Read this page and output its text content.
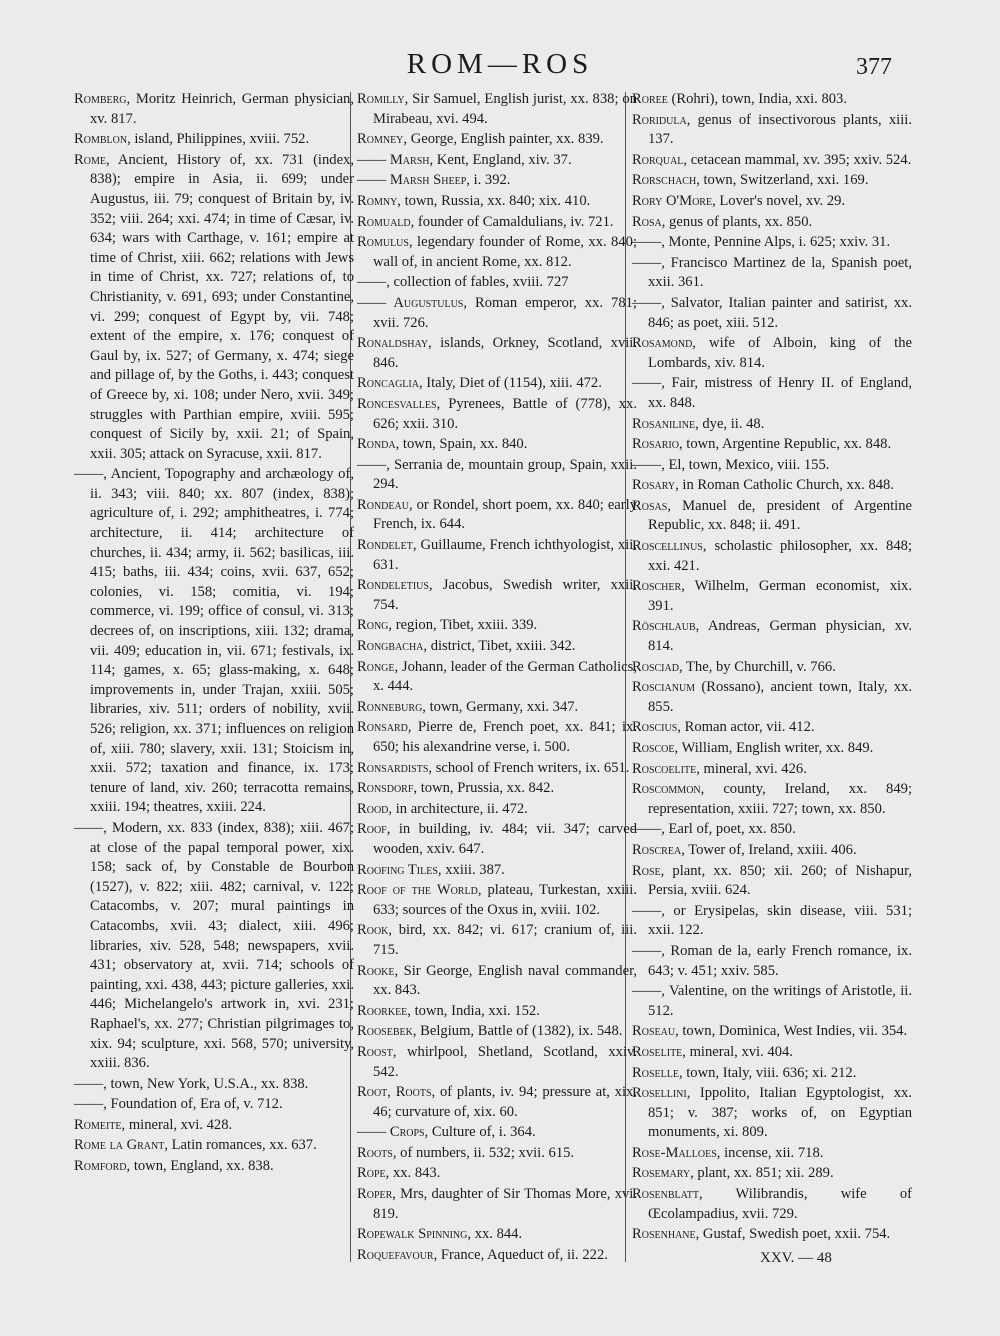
ROM—ROS	377

Romberg, Moritz Heinrich, German physician, xv. 817.

Romblon, island, Philippines, xviii. 752.

Rome, Ancient, History of, xx. 731 (index, 838); empire in Asia, ii. 699; under Augustus, iii. 79; conquest of Britain by, iv. 352; viii. 264; xxi. 474; in time of Cæsar, iv. 634; wars with Carthage, v. 161; empire at time of Christ, xiii. 662; relations with Jews in time of Christ, xx. 727; relations of, to Christianity, v. 691, 693; under Constantine, vi. 299; conquest of Egypt by, vii. 748; extent of the empire, x. 176; conquest of Gaul by, ix. 527; of Germany, x. 474; siege and pillage of, by the Goths, i. 443; conquest of Greece by, xi. 108; under Nero, xvii. 349; struggles with Parthian empire, xviii. 595; conquest of Sicily by, xxii. 21; of Spain, xxii. 305; attack on Syracuse, xxii. 817.

——, Ancient, Topography and archæology of, ii. 343; viii. 840; xx. 807 (index, 838); agriculture of, i. 292; amphitheatres, i. 774; architecture, ii. 414; architecture of churches, ii. 434; army, ii. 562; basilicas, iii. 415; baths, iii. 434; coins, xvii. 637, 652; colonies, vi. 158; comitia, vi. 194; commerce, vi. 199; office of consul, vi. 313; decrees of, on inscriptions, xiii. 132; drama, vii. 409; education in, vii. 671; festivals, ix. 114; games, x. 65; glass-making, x. 648; improvements in, under Trajan, xxiii. 505; libraries, xiv. 511; orders of nobility, xvii. 526; religion, xx. 371; influences on religion of, xiii. 780; slavery, xxii. 131; Stoicism in, xxii. 572; taxation and finance, ix. 173; tenure of land, xiv. 260; terracotta remains, xxiii. 194; theatres, xxiii. 224.

——, Modern, xx. 833 (index, 838); xiii. 467; at close of the papal temporal power, xix. 158; sack of, by Constable de Bourbon (1527), v. 822; xiii. 482; carnival, v. 122; Catacombs, v. 207; mural paintings in Catacombs, xvii. 43; dialect, xiii. 496; libraries, xiv. 528, 548; newspapers, xvii. 431; observatory at, xvii. 714; schools of painting, xxi. 438, 443; picture galleries, xxi. 446; Michelangelo's artwork in, xvi. 231; Raphael's, xx. 277; Christian pilgrimages to, xix. 94; sculpture, xxi. 568, 570; university, xxiii. 836.

——, town, New York, U.S.A., xx. 838.

——, Foundation of, Era of, v. 712.

Romeite, mineral, xvi. 428.

Rome la Grant, Latin romances, xx. 637.

Romford, town, England, xx. 838.

Romilly, Sir Samuel, English jurist, xx. 838; on Mirabeau, xvi. 494.

Romney, George, English painter, xx. 839.

—— Marsh, Kent, England, xiv. 37.

—— Marsh Sheep, i. 392.

Romny, town, Russia, xx. 840; xix. 410.

Romuald, founder of Camaldulians, iv. 721.

Romulus, legendary founder of Rome, xx. 840; wall of, in ancient Rome, xx. 812.

——, collection of fables, xviii. 727

—— Augustulus, Roman emperor, xx. 781; xvii. 726.

Ronaldshay, islands, Orkney, Scotland, xvii. 846.

Roncaglia, Italy, Diet of (1154), xiii. 472.

Roncesvalles, Pyrenees, Battle of (778), xx. 626; xxii. 310.

Ronda, town, Spain, xx. 840.

——, Serrania de, mountain group, Spain, xxii. 294.

Rondeau, or Rondel, short poem, xx. 840; early French, ix. 644.

Rondelet, Guillaume, French ichthyologist, xii. 631.

Rondeletius, Jacobus, Swedish writer, xxii. 754.

Rong, region, Tibet, xxiii. 339.

Rongbacha, district, Tibet, xxiii. 342.

Ronge, Johann, leader of the German Catholics, x. 444.

Ronneburg, town, Germany, xxi. 347.

Ronsard, Pierre de, French poet, xx. 841; ix. 650; his alexandrine verse, i. 500.

Ronsardists, school of French writers, ix. 651.

Ronsdorf, town, Prussia, xx. 842.

Rood, in architecture, ii. 472.

Roof, in building, iv. 484; vii. 347; carved wooden, xxiv. 647.

Roofing Tiles, xxiii. 387.

Roof of the World, plateau, Turkestan, xxiii. 633; sources of the Oxus in, xviii. 102.

Rook, bird, xx. 842; vi. 617; cranium of, iii. 715.

Rooke, Sir George, English naval commander, xx. 843.

Roorkee, town, India, xxi. 152.

Roosebek, Belgium, Battle of (1382), ix. 548.

Roost, whirlpool, Shetland, Scotland, xxiv. 542.

Root, Roots, of plants, iv. 94; pressure at, xix. 46; curvature of, xix. 60.

—— Crops, Culture of, i. 364.

Roots, of numbers, ii. 532; xvii. 615.

Rope, xx. 843.

Roper, Mrs, daughter of Sir Thomas More, xvi. 819.

Ropewalk Spinning, xx. 844.

Roquefavour, France, Aqueduct of, ii. 222.

Roree (Rohri), town, India, xxi. 803.

Roridula, genus of insectivorous plants, xiii. 137.

Rorqual, cetacean mammal, xv. 395; xxiv. 524.

Rorschach, town, Switzerland, xxi. 169.

Rory O'More, Lover's novel, xv. 29.

Rosa, genus of plants, xx. 850.

——, Monte, Pennine Alps, i. 625; xxiv. 31.

——, Francisco Martinez de la, Spanish poet, xxii. 361.

——, Salvator, Italian painter and satirist, xx. 846; as poet, xiii. 512.

Rosamond, wife of Alboin, king of the Lombards, xiv. 814.

——, Fair, mistress of Henry II. of England, xx. 848.

Rosaniline, dye, ii. 48.

Rosario, town, Argentine Republic, xx. 848.

——, El, town, Mexico, viii. 155.

Rosary, in Roman Catholic Church, xx. 848.

Rosas, Manuel de, president of Argentine Republic, xx. 848; ii. 491.

Roscellinus, scholastic philosopher, xx. 848; xxi. 421.

Roscher, Wilhelm, German economist, xix. 391.

Röschlaub, Andreas, German physician, xv. 814.

Rosciad, The, by Churchill, v. 766.

Roscianum (Rossano), ancient town, Italy, xx. 855.

Roscius, Roman actor, vii. 412.

Roscoe, William, English writer, xx. 849.

Roscoelite, mineral, xvi. 426.

Roscommon, county, Ireland, xx. 849; representation, xxiii. 727; town, xx. 850.

——, Earl of, poet, xx. 850.

Roscrea, Tower of, Ireland, xxiii. 406.

Rose, plant, xx. 850; xii. 260; of Nishapur, Persia, xviii. 624.

——, or Erysipelas, skin disease, viii. 531; xxii. 122.

——, Roman de la, early French romance, ix. 643; v. 451; xxiv. 585.

——, Valentine, on the writings of Aristotle, ii. 512.

Roseau, town, Dominica, West Indies, vii. 354.

Roselite, mineral, xvi. 404.

Roselle, town, Italy, viii. 636; xi. 212.

Rosellini, Ippolito, Italian Egyptologist, xx. 851; v. 387; works of, on Egyptian monuments, xi. 809.

Rose-Malloes, incense, xii. 718.

Rosemary, plant, xx. 851; xii. 289.

Rosenblatt, Wilibrandis, wife of Œcolampadius, xvii. 729.

Rosenhane, Gustaf, Swedish poet, xxii. 754.

XXV. — 48
